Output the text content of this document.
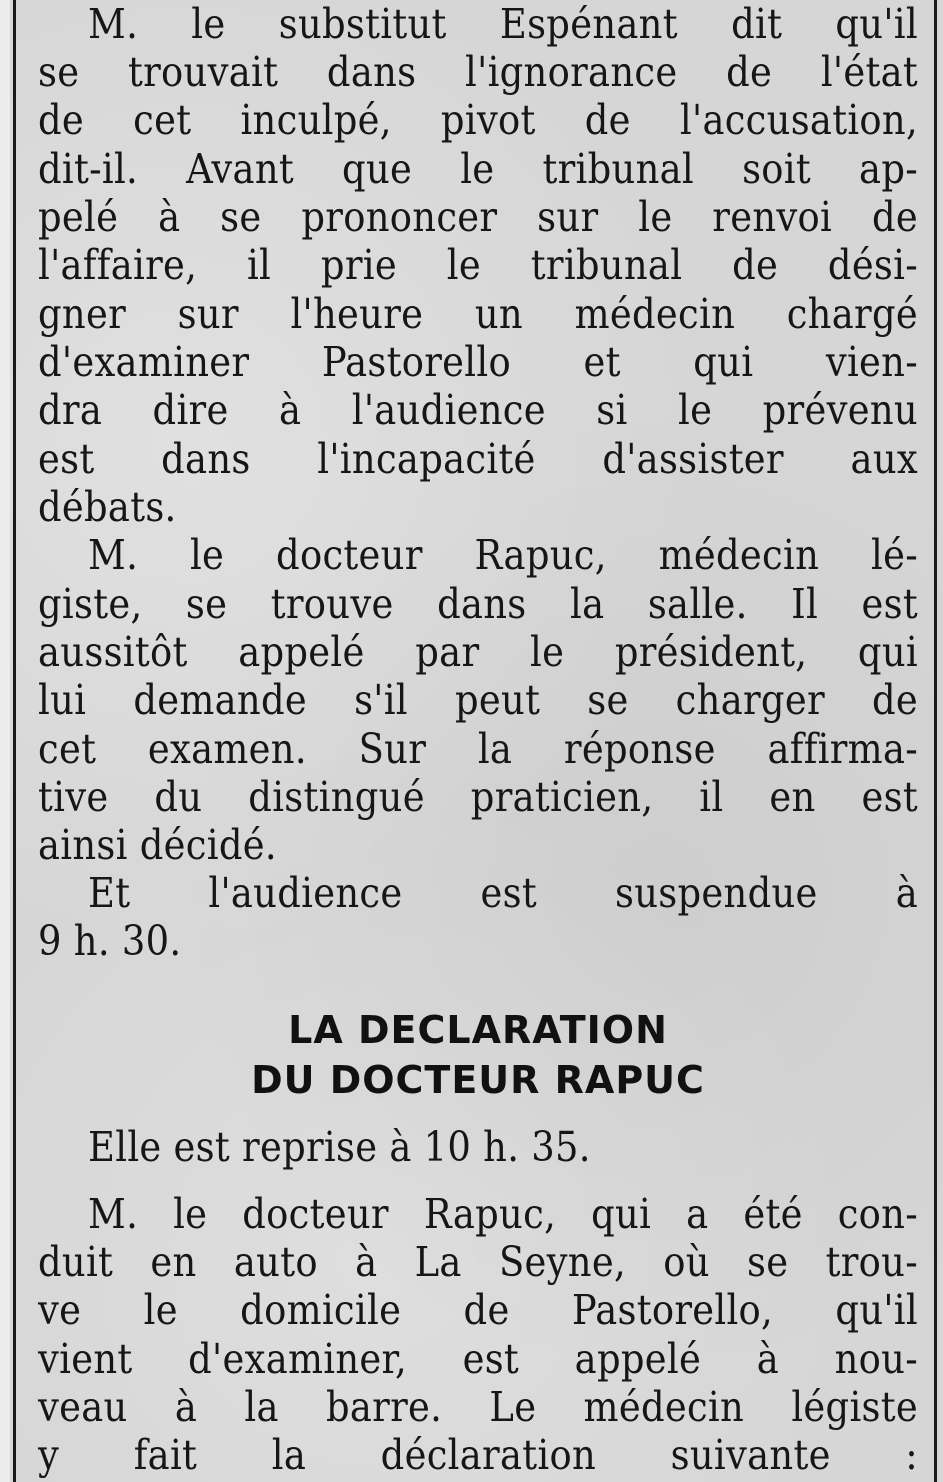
M. le substitut Espénant dit qu'il
se trouvait dans l'ignorance de l'état
de cet inculpé, pivot de l'accusation,
dit-il. Avant que le tribunal soit ap-
pelé à se prononcer sur le renvoi de
l'affaire, il prie le tribunal de dési-
gner sur l'heure un médecin chargé
d'examiner Pastorello et qui vien-
dra dire à l'audience si le prévenu
est dans l'incapacité d'assister aux
débats.
M. le docteur Rapuc, médecin lé-
giste, se trouve dans la salle. Il est
aussitôt appelé par le président, qui
lui demande s'il peut se charger de
cet examen. Sur la réponse affirma-
tive du distingué praticien, il en est
ainsi décidé.
Et l'audience est suspendue à
9 h. 30.
LA DECLARATION
DU DOCTEUR RAPUC
Elle est reprise à 10 h. 35.
M. le docteur Rapuc, qui a été con-
duit en auto à La Seyne, où se trou-
ve le domicile de Pastorello, qu'il
vient d'examiner, est appelé à nou-
veau à la barre. Le médecin légiste
y fait la déclaration suivante :
